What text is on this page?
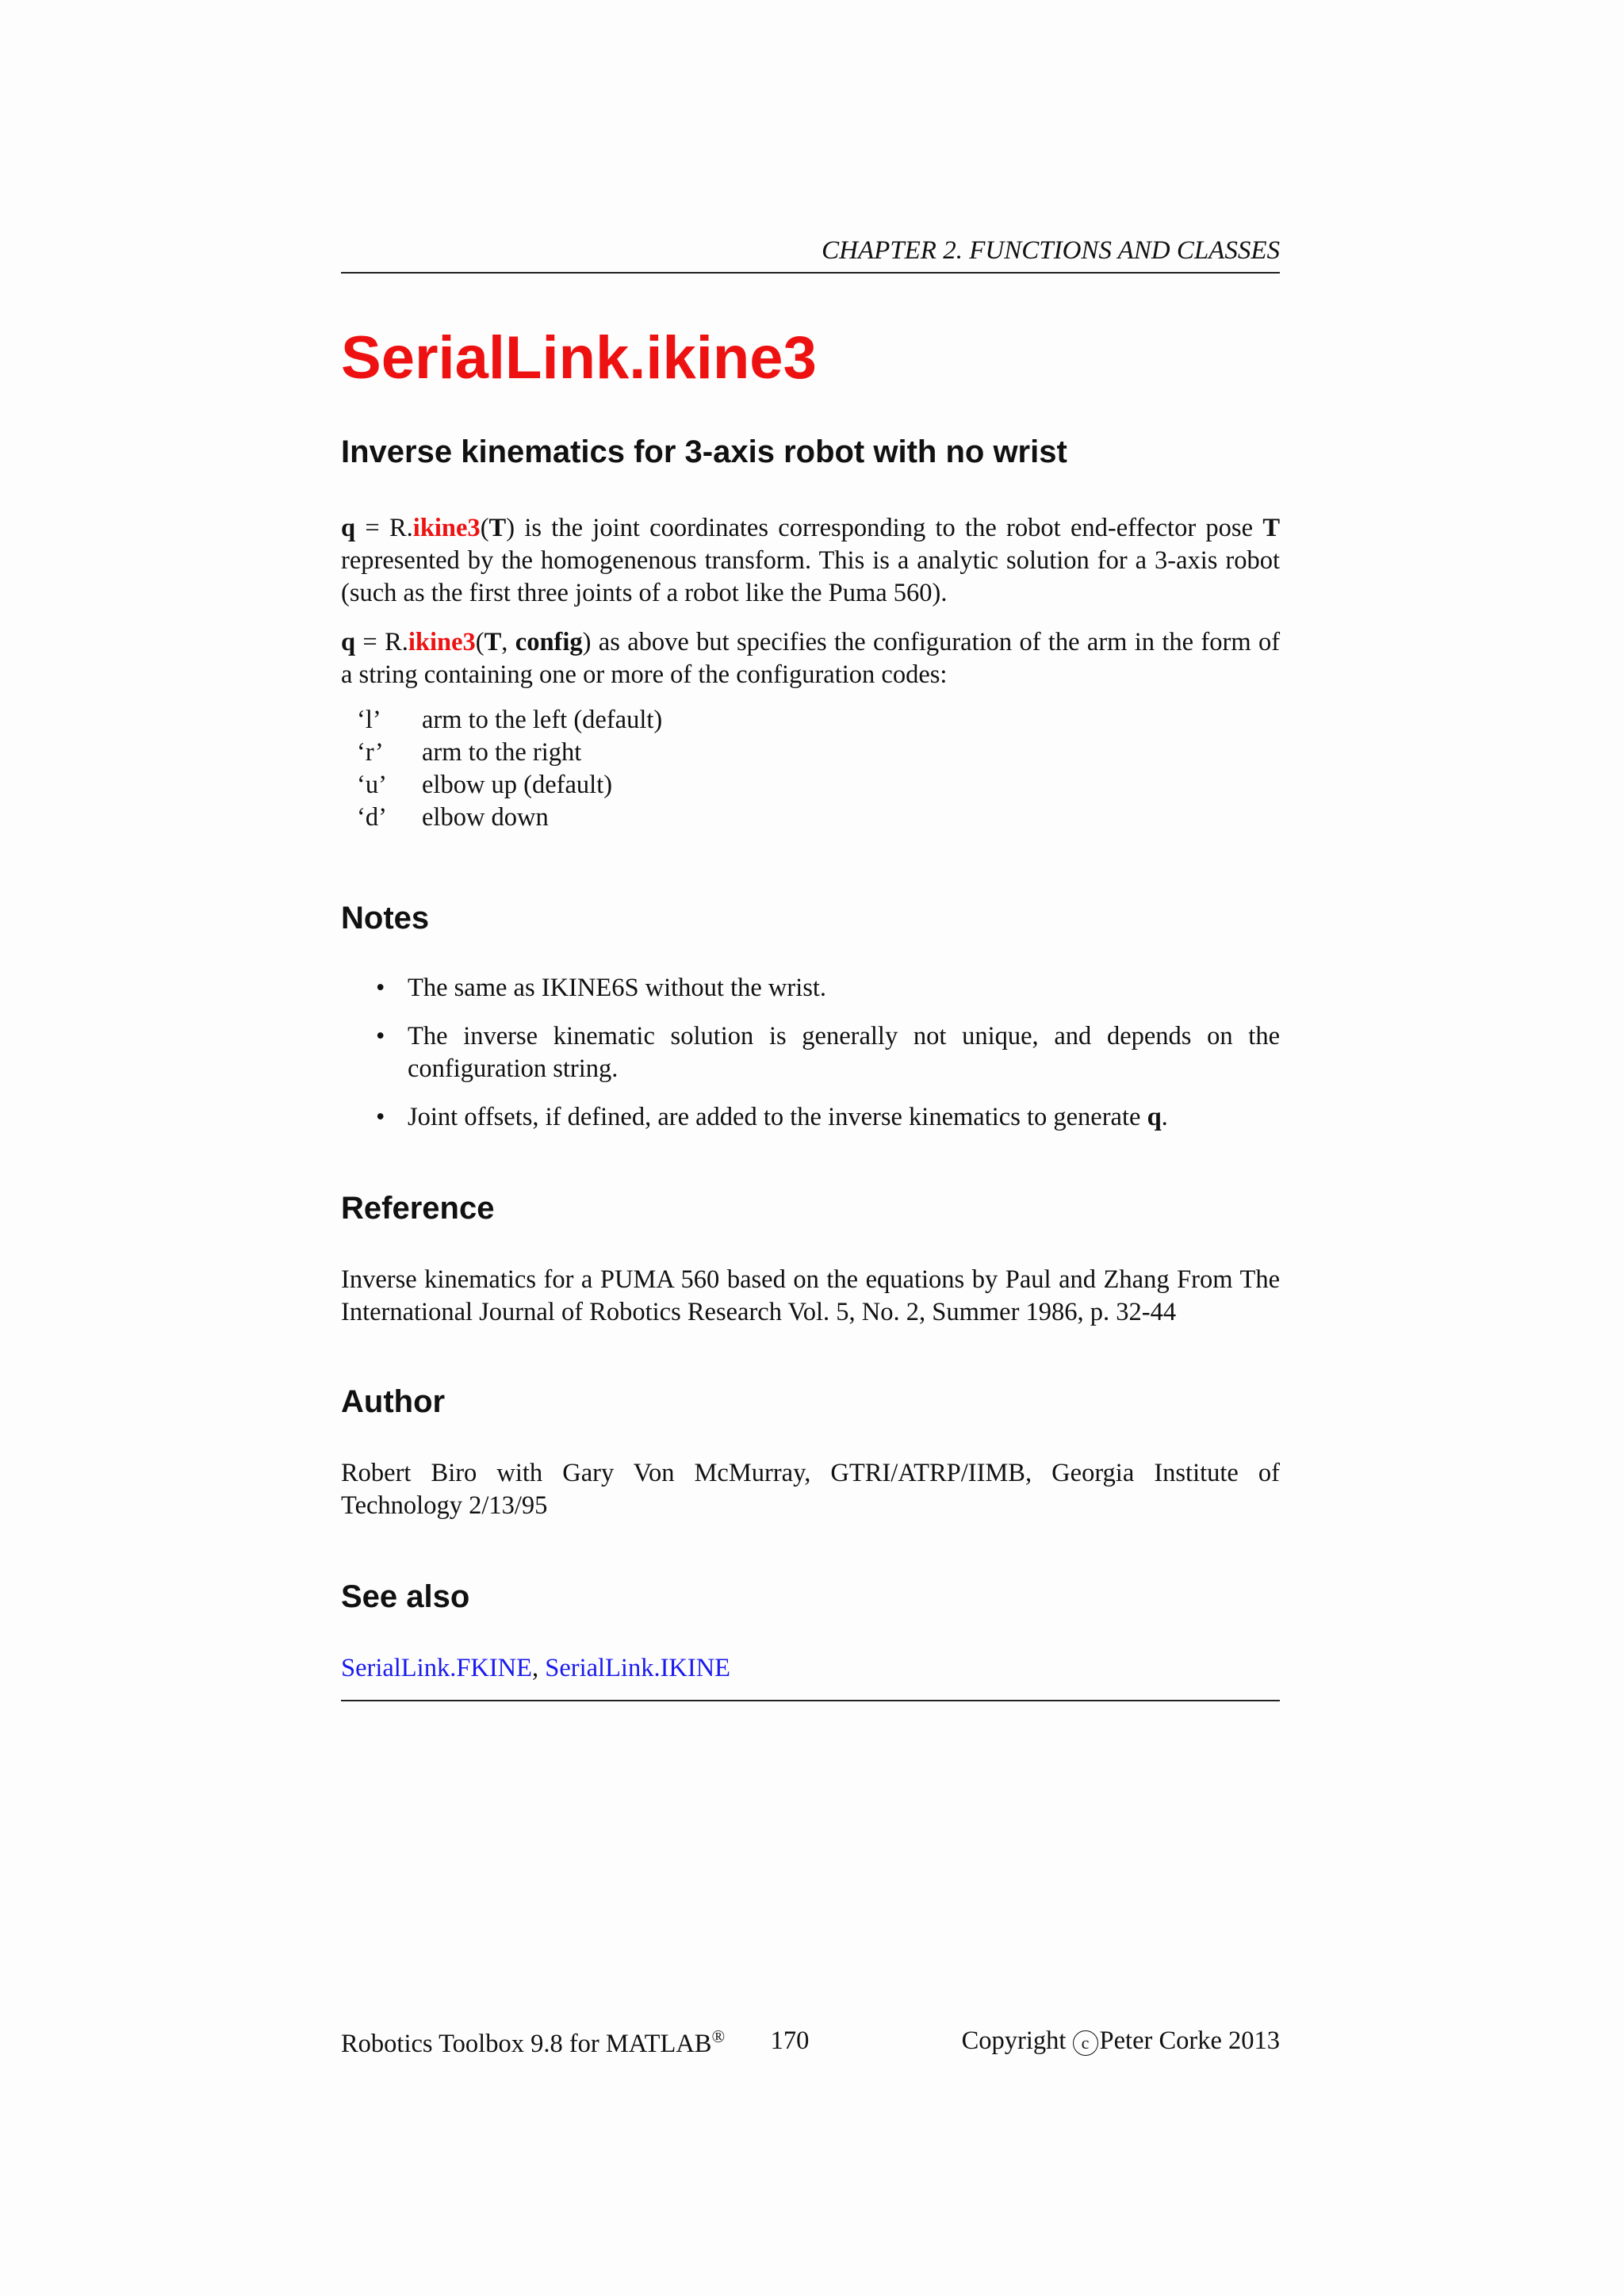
CHAPTER 2. FUNCTIONS AND CLASSES
SerialLink.ikine3
Inverse kinematics for 3-axis robot with no wrist

q = R.ikine3(T) is the joint coordinates corresponding to the robot end-effector pose T represented by the homogenenous transform. This is a analytic solution for a 3-axis robot (such as the first three joints of a robot like the Puma 560).

q = R.ikine3(T, config) as above but specifies the configuration of the arm in the form of a string containing one or more of the configuration codes:

‘l’	arm to the left (default)
‘r’	arm to the right
‘u’	elbow up (default)
‘d’	elbow down
Notes
• The same as IKINE6S without the wrist.
• The inverse kinematic solution is generally not unique, and depends on the configuration string.
• Joint offsets, if defined, are added to the inverse kinematics to generate q.
Reference

Inverse kinematics for a PUMA 560 based on the equations by Paul and Zhang From The International Journal of Robotics Research Vol. 5, No. 2, Summer 1986, p. 32-44

Author

Robert Biro with Gary Von McMurray, GTRI/ATRP/IIMB, Georgia Institute of Technology 2/13/95

See also
SerialLink.FKINE, SerialLink.IKINE
Robotics Toolbox 9.8 for MATLAB® 170	Copyright c Peter Corke 2013
